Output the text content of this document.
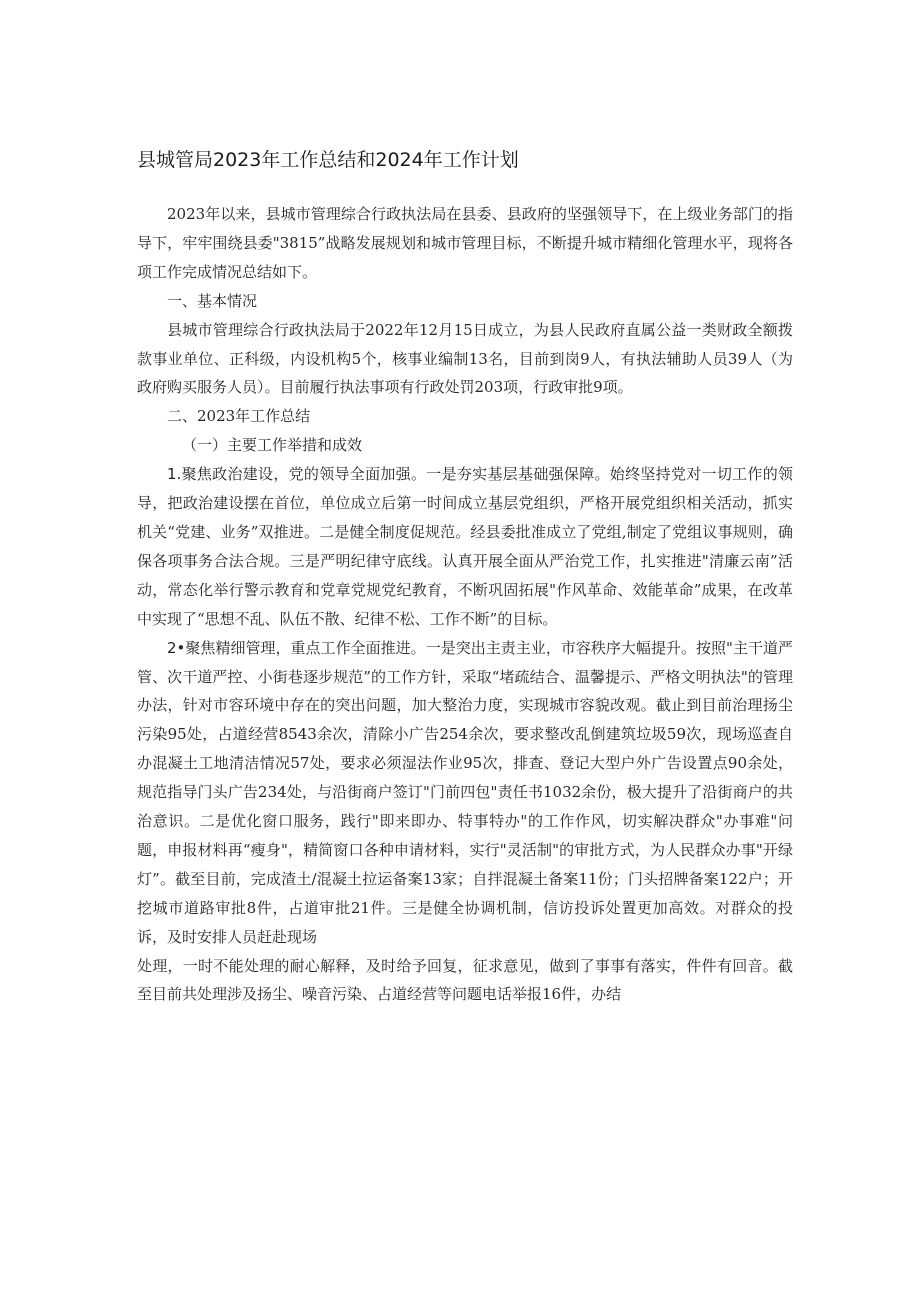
县城管局2023年工作总结和2024年工作计划

2023年以来，县城市管理综合行政执法局在县委、县政府的坚强领导下，在上级业务部门的指导下，牢牢围绕县委"3815”战略发展规划和城市管理目标，不断提升城市精细化管理水平，现将各项工作完成情况总结如下。

一、基本情况

县城市管理综合行政执法局于2022年12月15日成立，为县人民政府直属公益一类财政全额拨款事业单位、正科级，内设机构5个，核事业编制13名，目前到岗9人，有执法辅助人员39人（为政府购买服务人员）。目前履行执法事项有行政处罚203项，行政审批9项。

二、2023年工作总结

（一）主要工作举措和成效

1.聚焦政治建设，党的领导全面加强。一是夯实基层基础强保障。始终坚持党对一切工作的领导，把政治建设摆在首位，单位成立后第一时间成立基层党组织，严格开展党组织相关活动，抓实机关“党建、业务”双推进。二是健全制度促规范。经县委批准成立了党组,制定了党组议事规则，确保各项事务合法合规。三是严明纪律守底线。认真开展全面从严治党工作，扎实推进"清廉云南”活动，常态化举行警示教育和党章党规党纪教育，不断巩固拓展"作风革命、效能革命”成果，在改革中实现了“思想不乱、队伍不散、纪律不松、工作不断”的目标。

2•聚焦精细管理，重点工作全面推进。一是突出主责主业，市容秩序大幅提升。按照"主干道严管、次干道严控、小街巷逐步规范”的工作方针，采取“堵疏结合、温馨提示、严格文明执法"的管理办法，针对市容环境中存在的突出问题，加大整治力度，实现城市容貌改观。截止到目前治理扬尘污染95处，占道经营8543余次，清除小广告254余次，要求整改乱倒建筑垃圾59次，现场巡查自办混凝土工地清洁情况57处，要求必须湿法作业95次，排查、登记大型户外广告设置点90余处，规范指导门头广告234处，与沿街商户签订"门前四包"责任书1032余份，极大提升了沿街商户的共治意识。二是优化窗口服务，践行"即来即办、特事特办"的工作作风，切实解决群众"办事难"问题，申报材料再“瘦身"，精简窗口各种申请材料，实行"灵活制"的审批方式，为人民群众办事"开绿灯”。截至目前，完成渣土/混凝土拉运备案13家；自拌混凝土备案11份；门头招牌备案122户；开挖城市道路审批8件，占道审批21件。三是健全协调机制，信访投诉处置更加高效。对群众的投诉，及时安排人员赶赴现场

处理，一时不能处理的耐心解释，及时给予回复，征求意见，做到了事事有落实，件件有回音。截至目前共处理涉及扬尘、噪音污染、占道经营等问题电话举报16件，办结
